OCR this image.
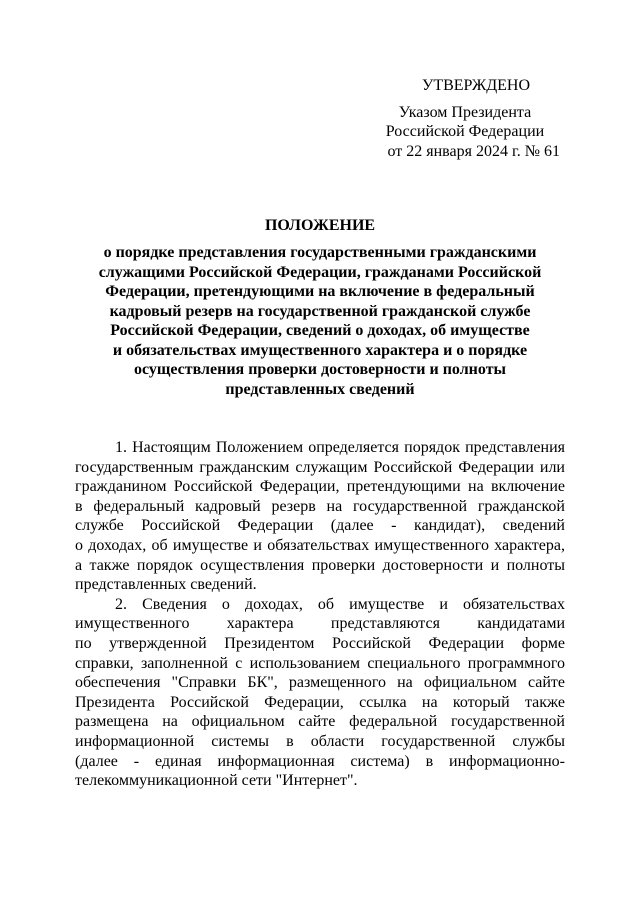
УТВЕРЖДЕНО
Указом Президента
Российской Федерации
от 22 января 2024 г. № 61
ПОЛОЖЕНИЕ
о порядке представления государственными гражданскими
служащими Российской Федерации, гражданами Российской
Федерации, претендующими на включение в федеральный
кадровый резерв на государственной гражданской службе
Российской Федерации, сведений о доходах, об имуществе
и обязательствах имущественного характера и о порядке
осуществления проверки достоверности и полноты
представленных сведений
1. Настоящим Положением определяется порядок представления
государственным гражданским служащим Российской Федерации или
гражданином Российской Федерации, претендующими на включение
в федеральный кадровый резерв на государственной гражданской
службе Российской Федерации (далее - кандидат), сведений
о доходах, об имуществе и обязательствах имущественного характера,
а также порядок осуществления проверки достоверности и полноты
представленных сведений.
2. Сведения о доходах, об имуществе и обязательствах
имущественного характера представляются кандидатами
по утвержденной Президентом Российской Федерации форме
справки, заполненной с использованием специального программного
обеспечения "Справки БК", размещенного на официальном сайте
Президента Российской Федерации, ссылка на который также
размещена на официальном сайте федеральной государственной
информационной системы в области государственной службы
(далее - единая информационная система) в информационно-
телекоммуникационной сети "Интернет".
